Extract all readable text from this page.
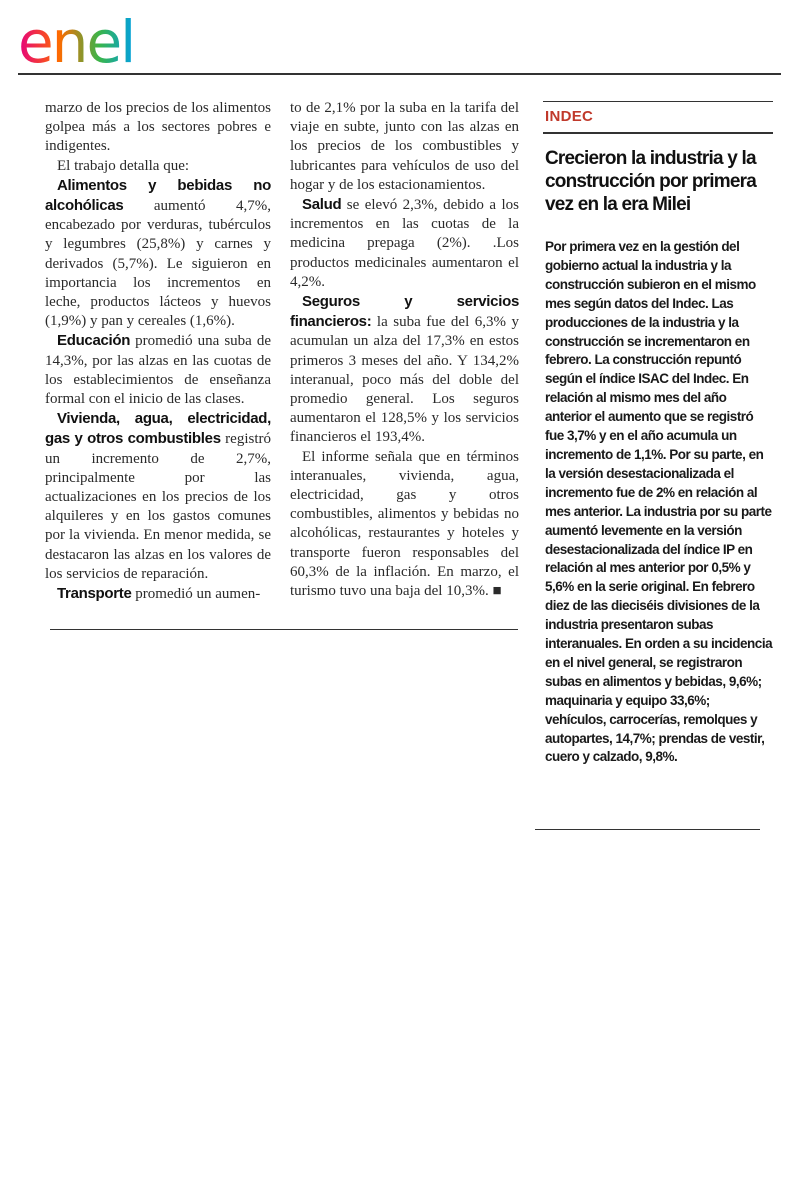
enel

marzo de los precios de los alimentos golpea más a los sectores pobres e indigentes.

El trabajo detalla que:

Alimentos y bebidas no alcohólicas aumentó 4,7%, encabezado por verduras, tubérculos y legumbres (25,8%) y carnes y derivados (5,7%). Le siguieron en importancia los incrementos en leche, productos lácteos y huevos (1,9%) y pan y cereales (1,6%).

Educación promedió una suba de 14,3%, por las alzas en las cuotas de los establecimientos de enseñanza formal con el inicio de las clases.

Vivienda, agua, electricidad, gas y otros combustibles registró un incremento de 2,7%, principalmente por las actualizaciones en los precios de los alquileres y en los gastos comunes por la vivienda. En menor medida, se destacaron las alzas en los valores de los servicios de reparación.

Transporte promedió un aumen-

to de 2,1% por la suba en la tarifa del viaje en subte, junto con las alzas en los precios de los combustibles y lubricantes para vehículos de uso del hogar y de los estacionamientos.

Salud se elevó 2,3%, debido a los incrementos en las cuotas de la medicina prepaga (2%). .Los productos medicinales aumentaron el 4,2%.

Seguros y servicios financieros: la suba fue del 6,3% y acumulan un alza del 17,3% en estos primeros 3 meses del año. Y 134,2% interanual, poco más del doble del promedio general. Los seguros aumentaron el 128,5% y los servicios financieros el 193,4%.

El informe señala que en términos interanuales, vivienda, agua, electricidad, gas y otros combustibles, alimentos y bebidas no alcohólicas, restaurantes y hoteles y transporte fueron responsables del 60,3% de la inflación. En marzo, el turismo tuvo una baja del 10,3%. ■

INDEC
Crecieron la industria y la construcción por primera vez en la era Milei

Por primera vez en la gestión del gobierno actual la industria y la construcción subieron en el mismo mes según datos del Indec. Las producciones de la industria y la construcción se incrementaron en febrero. La construcción repuntó según el índice ISAC del Indec. En relación al mismo mes del año anterior el aumento que se registró fue 3,7% y en el año acumula un incremento de 1,1%. Por su parte, en la versión desestacionalizada el incremento fue de 2% en relación al mes anterior. La industria por su parte aumentó levemente en la versión desestacionalizada del índice IP en relación al mes anterior por 0,5% y 5,6% en la serie original. En febrero diez de las dieciséis divisiones de la industria presentaron subas interanuales. En orden a su incidencia en el nivel general, se registraron subas en alimentos y bebidas, 9,6%; maquinaria y equipo 33,6%; vehículos, carrocerías, remolques y autopartes, 14,7%; prendas de vestir, cuero y calzado, 9,8%.
